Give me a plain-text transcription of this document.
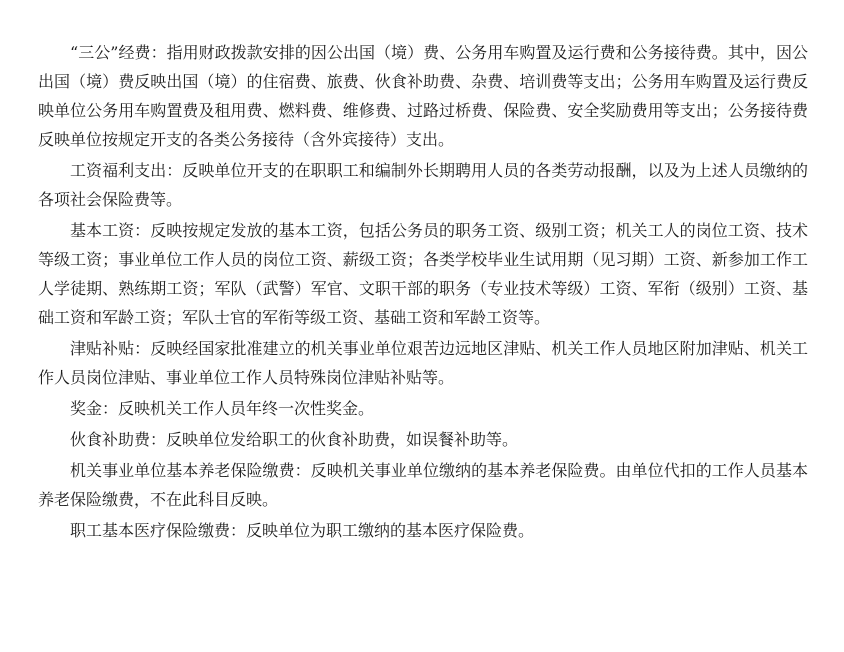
“三公”经费：指用财政拨款安排的因公出国（境）费、公务用车购置及运行费和公务接待费。其中，因公出国（境）费反映出国（境）的住宿费、旅费、伙食补助费、杂费、培训费等支出；公务用车购置及运行费反映单位公务用车购置费及租用费、燃料费、维修费、过路过桥费、保险费、安全奖励费用等支出；公务接待费反映单位按规定开支的各类公务接待（含外宾接待）支出。

工资福利支出：反映单位开支的在职职工和编制外长期聘用人员的各类劳动报酬，以及为上述人员缴纳的各项社会保险费等。

基本工资：反映按规定发放的基本工资，包括公务员的职务工资、级别工资；机关工人的岗位工资、技术等级工资；事业单位工作人员的岗位工资、薪级工资；各类学校毕业生试用期（见习期）工资、新参加工作工人学徒期、熟练期工资；军队（武警）军官、文职干部的职务（专业技术等级）工资、军衔（级别）工资、基础工资和军龄工资；军队士官的军衔等级工资、基础工资和军龄工资等。

津贴补贴：反映经国家批准建立的机关事业单位艰苦边远地区津贴、机关工作人员地区附加津贴、机关工作人员岗位津贴、事业单位工作人员特殊岗位津贴补贴等。

奖金：反映机关工作人员年终一次性奖金。

伙食补助费：反映单位发给职工的伙食补助费，如误餐补助等。

机关事业单位基本养老保险缴费：反映机关事业单位缴纳的基本养老保险费。由单位代扣的工作人员基本养老保险缴费，不在此科目反映。

职工基本医疗保险缴费：反映单位为职工缴纳的基本医疗保险费。
